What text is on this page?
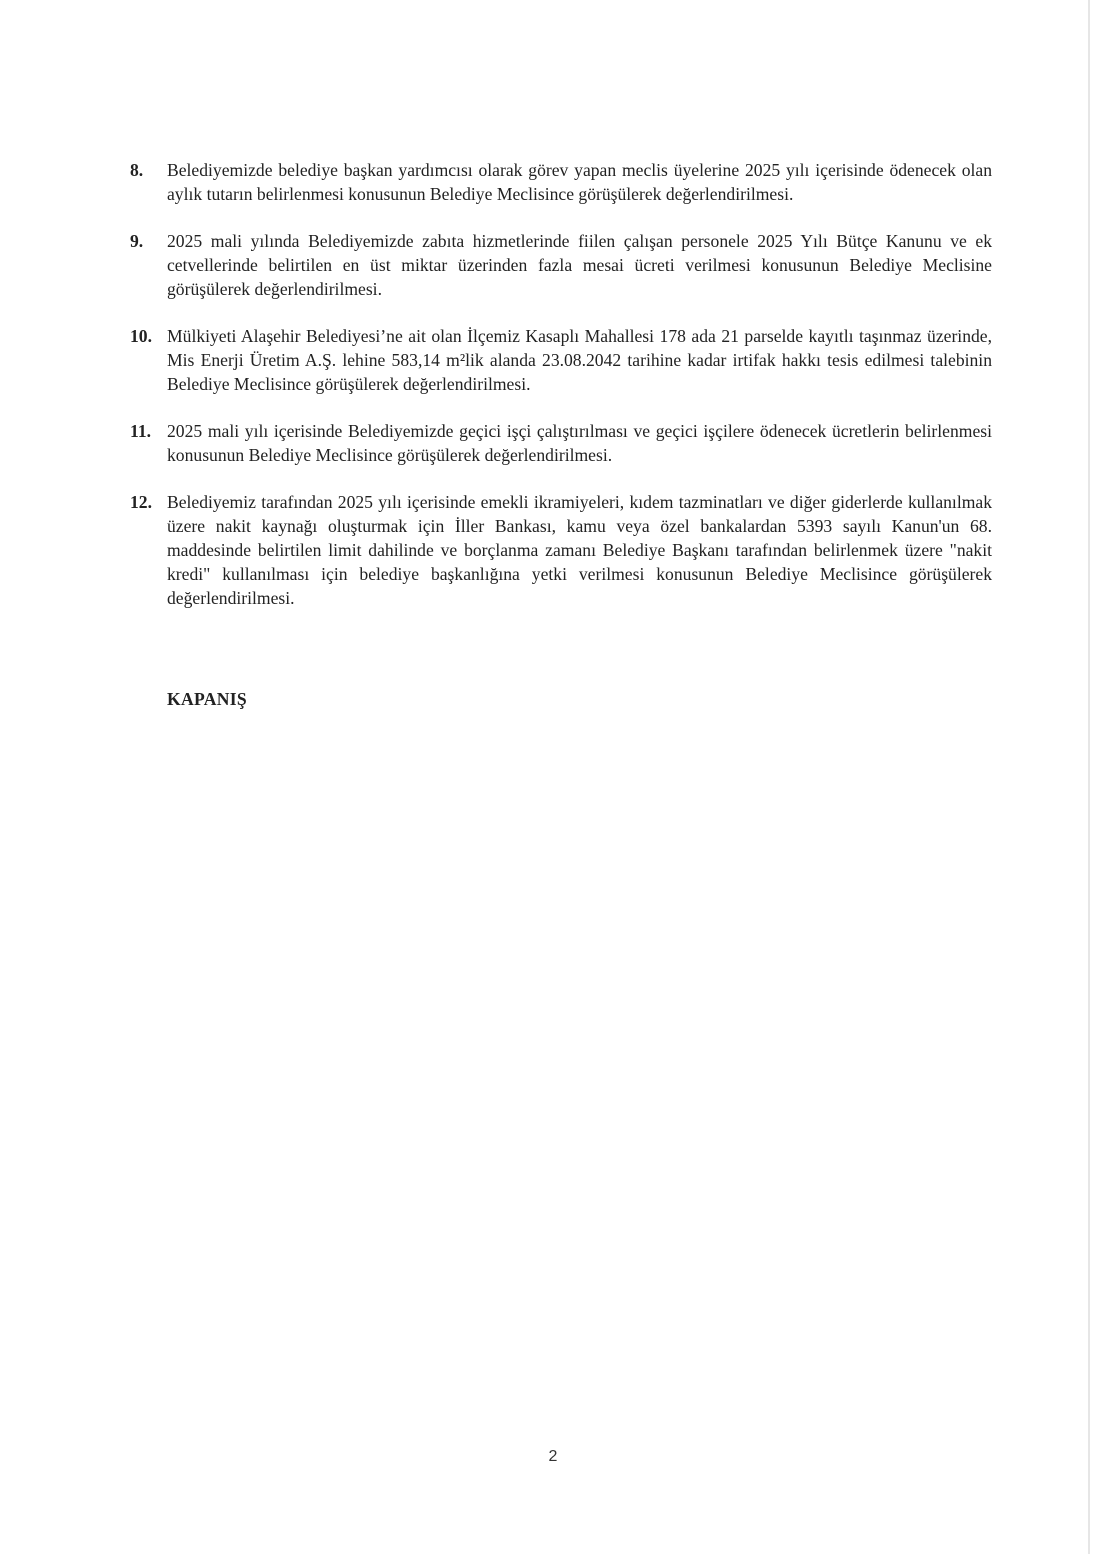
8. Belediyemizde belediye başkan yardımcısı olarak görev yapan meclis üyelerine 2025 yılı içerisinde ödenecek olan aylık tutarın belirlenmesi konusunun Belediye Meclisince görüşülerek değerlendirilmesi.
9. 2025 mali yılında Belediyemizde zabıta hizmetlerinde fiilen çalışan personele 2025 Yılı Bütçe Kanunu ve ek cetvellerinde belirtilen en üst miktar üzerinden fazla mesai ücreti verilmesi konusunun Belediye Meclisine görüşülerek değerlendirilmesi.
10. Mülkiyeti Alaşehir Belediyesi’ne ait olan İlçemiz Kasaplı Mahallesi 178 ada 21 parselde kayıtlı taşınmaz üzerinde, Mis Enerji Üretim A.Ş. lehine 583,14 m²lik alanda 23.08.2042 tarihine kadar irtifak hakkı tesis edilmesi talebinin Belediye Meclisince görüşülerek değerlendirilmesi.
11. 2025 mali yılı içerisinde Belediyemizde geçici işçi çalıştırılması ve geçici işçilere ödenecek ücretlerin belirlenmesi konusunun Belediye Meclisince görüşülerek değerlendirilmesi.
12. Belediyemiz tarafından 2025 yılı içerisinde emekli ikramiyeleri, kıdem tazminatları ve diğer giderlerde kullanılmak üzere nakit kaynağı oluşturmak için İller Bankası, kamu veya özel bankalardan 5393 sayılı Kanun'un 68. maddesinde belirtilen limit dahilinde ve borçlanma zamanı Belediye Başkanı tarafından belirlenmek üzere "nakit kredi" kullanılması için belediye başkanlığına yetki verilmesi konusunun Belediye Meclisince görüşülerek değerlendirilmesi.
KAPANIŞ
2
